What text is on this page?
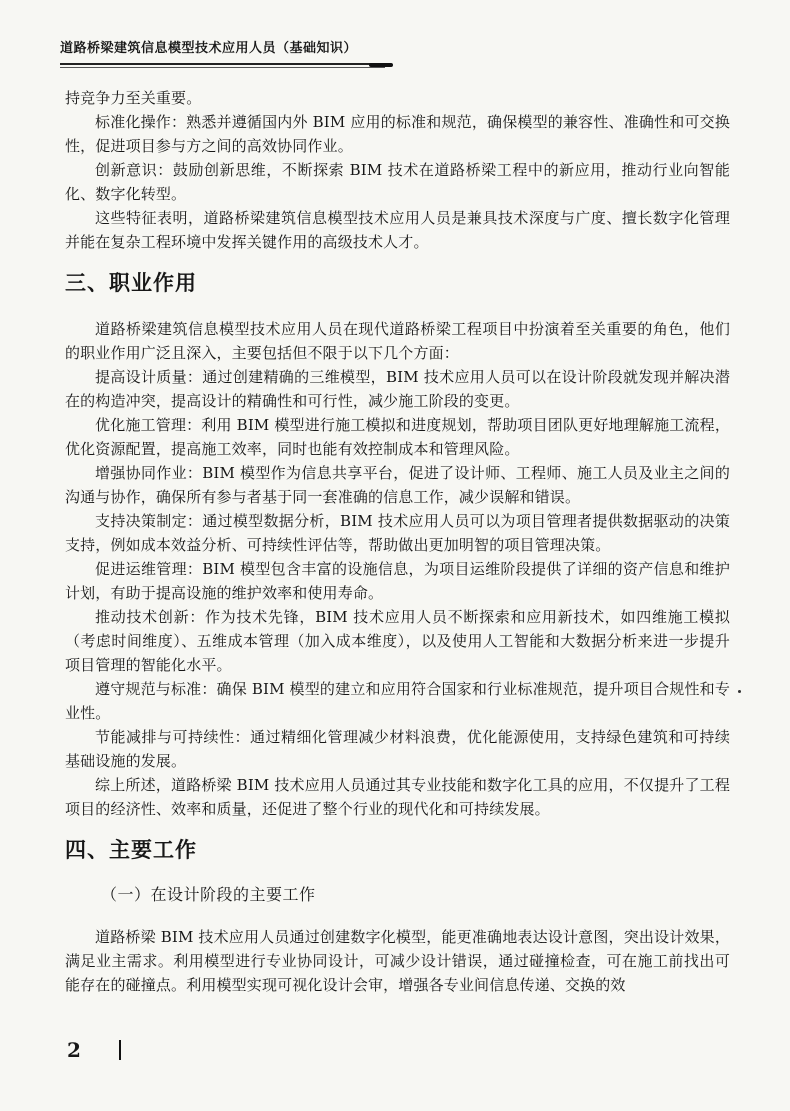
道路桥梁建筑信息模型技术应用人员（基础知识）

持竞争力至关重要。

标准化操作：熟悉并遵循国内外 BIM 应用的标准和规范，确保模型的兼容性、准确性和可交换性，促进项目参与方之间的高效协同作业。

创新意识：鼓励创新思维，不断探索 BIM 技术在道路桥梁工程中的新应用，推动行业向智能化、数字化转型。

这些特征表明，道路桥梁建筑信息模型技术应用人员是兼具技术深度与广度、擅长数字化管理并能在复杂工程环境中发挥关键作用的高级技术人才。

三、职业作用

道路桥梁建筑信息模型技术应用人员在现代道路桥梁工程项目中扮演着至关重要的角色，他们的职业作用广泛且深入，主要包括但不限于以下几个方面：

提高设计质量：通过创建精确的三维模型，BIM 技术应用人员可以在设计阶段就发现并解决潜在的构造冲突，提高设计的精确性和可行性，减少施工阶段的变更。

优化施工管理：利用 BIM 模型进行施工模拟和进度规划，帮助项目团队更好地理解施工流程，优化资源配置，提高施工效率，同时也能有效控制成本和管理风险。

增强协同作业：BIM 模型作为信息共享平台，促进了设计师、工程师、施工人员及业主之间的沟通与协作，确保所有参与者基于同一套准确的信息工作，减少误解和错误。

支持决策制定：通过模型数据分析，BIM 技术应用人员可以为项目管理者提供数据驱动的决策支持，例如成本效益分析、可持续性评估等，帮助做出更加明智的项目管理决策。

促进运维管理：BIM 模型包含丰富的设施信息，为项目运维阶段提供了详细的资产信息和维护计划，有助于提高设施的维护效率和使用寿命。

推动技术创新：作为技术先锋，BIM 技术应用人员不断探索和应用新技术，如四维施工模拟（考虑时间维度）、五维成本管理（加入成本维度），以及使用人工智能和大数据分析来进一步提升项目管理的智能化水平。

遵守规范与标准：确保 BIM 模型的建立和应用符合国家和行业标准规范，提升项目合规性和专业性。

节能减排与可持续性：通过精细化管理减少材料浪费，优化能源使用，支持绿色建筑和可持续基础设施的发展。

综上所述，道路桥梁 BIM 技术应用人员通过其专业技能和数字化工具的应用，不仅提升了工程项目的经济性、效率和质量，还促进了整个行业的现代化和可持续发展。

四、主要工作
（一）在设计阶段的主要工作

道路桥梁 BIM 技术应用人员通过创建数字化模型，能更准确地表达设计意图，突出设计效果，满足业主需求。利用模型进行专业协同设计，可减少设计错误，通过碰撞检查，可在施工前找出可能存在的碰撞点。利用模型实现可视化设计会审，增强各专业间信息传递、交换的效

2
